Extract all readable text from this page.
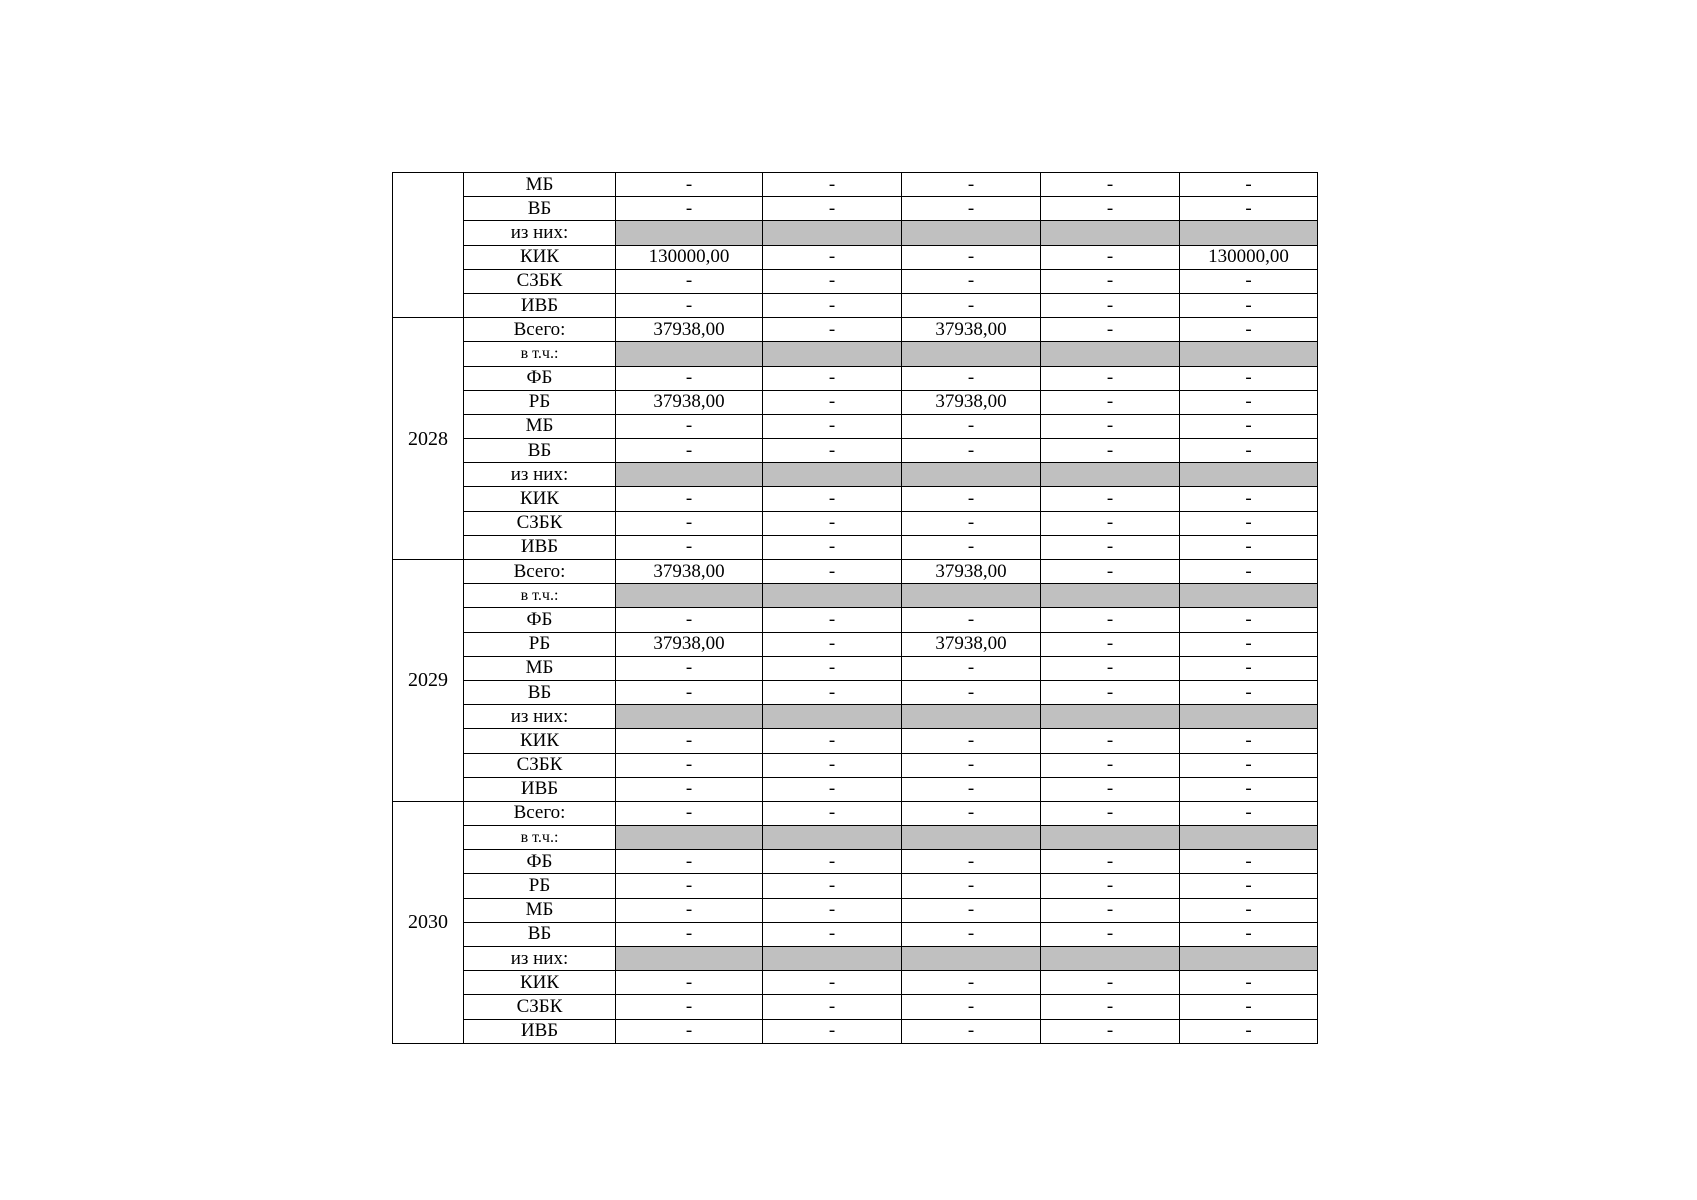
	МБ	-	-	-	-	-
	ВБ	-	-	-	-	-
	из них:					
	КИК	130000,00	-	-	-	130000,00
	СЗБК	-	-	-	-	-
	ИВБ	-	-	-	-	-
2028	Всего:	37938,00	-	37938,00	-	-
	в т.ч.:					
	ФБ	-	-	-	-	-
	РБ	37938,00	-	37938,00	-	-
	МБ	-	-	-	-	-
	ВБ	-	-	-	-	-
	из них:					
	КИК	-	-	-	-	-
	СЗБК	-	-	-	-	-
	ИВБ	-	-	-	-	-
2029	Всего:	37938,00	-	37938,00	-	-
	в т.ч.:					
	ФБ	-	-	-	-	-
	РБ	37938,00	-	37938,00	-	-
	МБ	-	-	-	-	-
	ВБ	-	-	-	-	-
	из них:					
	КИК	-	-	-	-	-
	СЗБК	-	-	-	-	-
	ИВБ	-	-	-	-	-
2030	Всего:	-	-	-	-	-
	в т.ч.:					
	ФБ	-	-	-	-	-
	РБ	-	-	-	-	-
	МБ	-	-	-	-	-
	ВБ	-	-	-	-	-
	из них:					
	КИК	-	-	-	-	-
	СЗБК	-	-	-	-	-
	ИВБ	-	-	-	-	-
